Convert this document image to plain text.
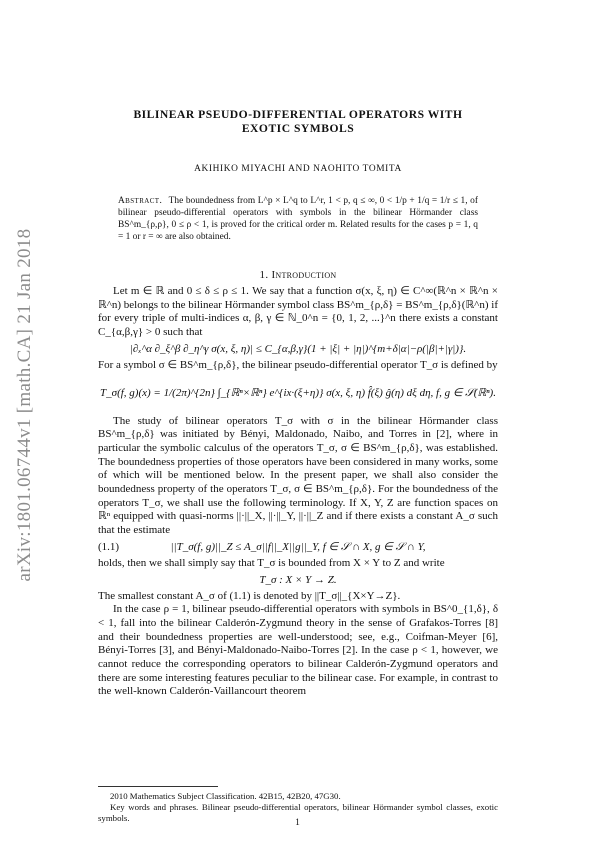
arXiv:1801.06744v1 [math.CA] 21 Jan 2018
BILINEAR PSEUDO-DIFFERENTIAL OPERATORS WITH
EXOTIC SYMBOLS
AKIHIKO MIYACHI AND NAOHITO TOMITA
Abstract. The boundedness from L^p × L^q to L^r, 1 < p, q ≤ ∞, 0 < 1/p + 1/q = 1/r ≤ 1, of bilinear pseudo-differential operators with symbols in the bilinear Hörmander class BS^m_{ρ,ρ}, 0 ≤ ρ < 1, is proved for the critical order m. Related results for the cases p = 1, q = 1 or r = ∞ are also obtained.
1. Introduction

Let m ∈ ℝ and 0 ≤ δ ≤ ρ ≤ 1. We say that a function σ(x, ξ, η) ∈ C^∞(ℝ^n × ℝ^n × ℝ^n) belongs to the bilinear Hörmander symbol class BS^m_{ρ,δ} = BS^m_{ρ,δ}(ℝ^n) if for every triple of multi-indices α, β, γ ∈ ℕ_0^n = {0, 1, 2, ...}^n there exists a constant C_{α,β,γ} > 0 such that

|∂ₓ^α ∂_ξ^β ∂_η^γ σ(x, ξ, η)| ≤ C_{α,β,γ}(1 + |ξ| + |η|)^{m+δ|α|−ρ(|β|+|γ|)}.

For a symbol σ ∈ BS^m_{ρ,δ}, the bilinear pseudo-differential operator T_σ is defined by

T_σ(f, g)(x) = 1/(2π)^{2n} ∫_{ℝⁿ×ℝⁿ} e^{ix·(ξ+η)} σ(x, ξ, η) f̂(ξ) ĝ(η) dξ dη, f, g ∈ 𝒮(ℝⁿ).

The study of bilinear operators T_σ with σ in the bilinear Hörmander class BS^m_{ρ,δ} was initiated by Bényi, Maldonado, Naibo, and Torres in [2], where in particular the symbolic calculus of the operators T_σ, σ ∈ BS^m_{ρ,δ}, was established. The boundedness properties of those operators have been considered in many works, some of which will be mentioned below. In the present paper, we shall also consider the boundedness property of the operators T_σ, σ ∈ BS^m_{ρ,δ}. For the boundedness of the operators T_σ, we shall use the following terminology. If X, Y, Z are function spaces on ℝⁿ equipped with quasi-norms ||·||_X, ||·||_Y, ||·||_Z and if there exists a constant A_σ such that the estimate

(1.1)	||T_σ(f, g)||_Z ≤ A_σ||f||_X||g||_Y, f ∈ 𝒮 ∩ X, g ∈ 𝒮 ∩ Y,

holds, then we shall simply say that T_σ is bounded from X × Y to Z and write

T_σ : X × Y → Z.

The smallest constant A_σ of (1.1) is denoted by ||T_σ||_{X×Y→Z}.

In the case ρ = 1, bilinear pseudo-differential operators with symbols in BS^0_{1,δ}, δ < 1, fall into the bilinear Calderón-Zygmund theory in the sense of Grafakos-Torres [8] and their boundedness properties are well-understood; see, e.g., Coifman-Meyer [6], Bényi-Torres [3], and Bényi-Maldonado-Naibo-Torres [2]. In the case ρ < 1, however, we cannot reduce the corresponding operators to bilinear Calderón-Zygmund operators and there are some interesting features peculiar to the bilinear case. For example, in contrast to the well-known Calderón-Vaillancourt theorem

2010 Mathematics Subject Classification. 42B15, 42B20, 47G30.

Key words and phrases. Bilinear pseudo-differential operators, bilinear Hörmander symbol classes, exotic symbols.	1
